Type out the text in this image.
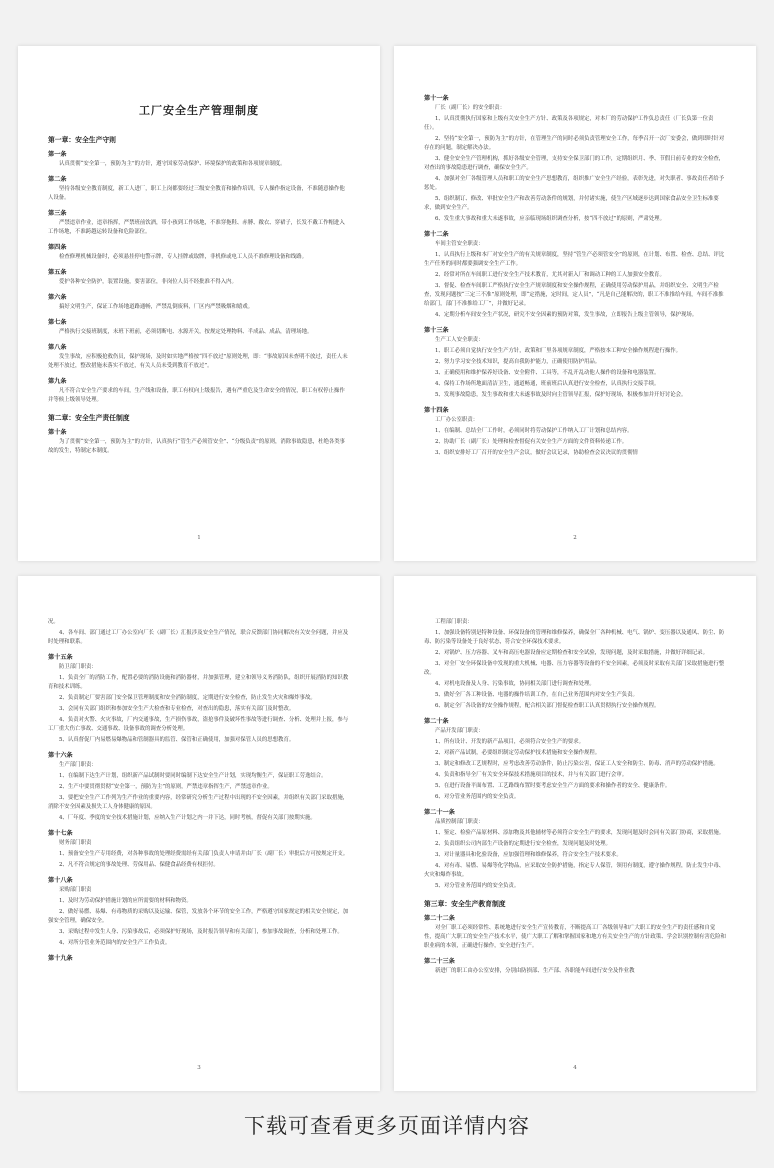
工厂安全生产管理制度
第一章：安全生产守则
第一条
认真贯彻“安全第一，预防为主”的方针，遵守国家劳动保护、环境保护的政策和各项规章制度。
第二条
坚持各级安全教育制度，新工人进厂，职工上岗都要经过三级安全教育和操作培训，专人操作指定设备，不准随意操作他人设备。
第三条
严禁违章作业，违章指挥，严禁班前饮酒，带小孩到工作场地，不准穿拖鞋、赤膊、敞衣、穿裙子，长发不戴工作帽进入工作场地，不准跨越运转设备和危险部位。
第四条
检查修理机械设备时，必须悬挂停电警示牌，专人挂牌或取牌，非机修或电工人员不准修理设备和线路。
第五条
爱护各种安全防护，装置设施，要害部位，非岗位人员不经批准不得入内。
第六条
搞好文明生产，保证工作场地道路通畅，严禁乱倒废料，厂区内严禁吸烟和嬉戏。
第七条
严格执行交接班制度，未班下班前，必须切断电、水源开关，按规定处理物料、半成品、成品，清理场地。
第八条
发生事故，应积极抢救伤员，保护现场，及时如实地严格按“四不放过”原则处理，即：“事故原因未查明不放过，责任人未处理不放过，整改措施未落实不放过，有关人员未受到教育不放过”。
第九条
凡不符合安全生产要求的车间，生产线和设备，职工有权向上级报告，遇有严重危及生命安全的情况，职工有权停止操作并等候上级领导处理。
第二章：安全生产责任制度
第十条
为了贯彻“安全第一，预防为主”的方针，认真执行“管生产必须管安全”、“分级负责”的原则，消除事故隐患，杜绝各类事故的发生，特制定本制度。
1
第十一条
厂长（副厂长）的安全职责：
1、认真贯彻执行国家和上级有关安全生产方针、政策及各项规定，对本厂的劳动保护工作负总责任（厂长负第一位责任）。
2、坚持“安全第一，预防为主”的方针，在管理生产的同时必须负责管理安全工作，每季召开一次厂安委会，做到即时针对存在的问题，制定解决办法。
3、健全安全生产管理机构，抓好各级安全管理，支持安全保卫部门的工作，定期组织月、季、节假日前专业的安全检查，对查出的事故隐患进行调查，确保安全生产。
4、加强对全厂各级管理人员和职工的安全生产思想教育，组织推广安全生产经验，表彰先进，对失职者、事故责任者给予惩处。
5、组织制订、修改、审批安全生产和改善劳动条件的规划，并付诸实施，使生产区域逐步达到国家食品安全卫生标准要求，做到安全生产。
6、发生重大事故和重大未遂事故，应亲临现场组织调查分析，按“四不放过”的原则，严肃处理。
第十二条
车间主管安全职责：
1、认真执行上级和本厂对安全生产的有关规章制度，坚持“管生产必须管安全”的原则，在计划、布置、检查、总结、评比生产任务的同时都要强调安全生产工作。
2、经常对所在车间职工进行安全生产技术教育，尤其对新入厂和调动工种的工人加强安全教育。
3、督促、检查车间职工严格执行安全生产规章制度和安全操作规程，正确使用劳动保护用品，并组织安全、文明生产检查，发现问题按“三定三不准”原则处理，即“定措施，定时间，定人员”，“凡是自己能解决的，职工不准推给车间，车间不准推给部门，部门不准推给工厂”，并做好记录。
4、定期分析车间安全生产状况，研究不安全因素的预防对策，发生事故，立即报告上级主管领导，保护现场。
第十三条
生产工人安全职责：
1、职工必须自觉执行安全生产方针，政策和厂里各项规章制度，严格按本工种安全操作规程进行操作。
2、努力学习安全技术知识，提高自我防护能力，正确使用防护用品。
3、正确使用和维护保养好设备、安全附件、工具等，不乱开乱动他人操作的设备和电器装置。
4、保持工作场所地面清洁卫生，通道畅通，班前班后认真进行安全检查，认真执行交接手续。
5、发现事故隐患，发生事故和重大未遂事故及时向主管领导汇报，保护好现场，积极参加并开好讨论会。
第十四条
工厂办公室职责：
1、在编制、总结全厂工作时，必须同时将劳动保护工作纳入工厂计划和总结内容。
2、协助厂长（副厂长）处理和检查督促有关安全生产方面的文件资料传递工作。
3、组织安排好工厂召开的安全生产会议，做好会议记录，协助检查会议决议的贯彻情
2
况。
4、各车间、部门通过工厂办公室向厂长（副厂长）汇报涉及安全生产情况，联合反馈部门协同解决有关安全问题，并应及时处理和联系。
第十五条
防卫部门职责：
1、负责全厂的消防工作，配置必要的消防设施和消防器材，并加强管理，建立和领导义务消防队，组织开展消防的知识教育和技术训练。
2、负责制定厂要害部门安全保卫管理制度和安全消防制度，定期进行安全检查，防止发生火灾和爆炸事故。
3、会同有关部门组织和参加安全生产大检查和专业检查，对查出的隐患，落实有关部门及时整改。
4、负责对火警、火灾事故，厂内交通事故，生产损伤事故，盗抢事件及破坏性事故等进行调查、分析、处理并上报，参与工厂重大伤亡事故、交通事故、设备事故的调查分析处理。
5、认真督促厂内易燃易爆物品和管制器具的监管、保管和正确使用，加强对保管人员的思想教育。
第十六条
生产部门职责：
1、在编制下达生产计划，组织新产品试制时要同时编制下达安全生产计划，实现均衡生产，保证职工劳逸结合。
2、生产中要贯彻贯彻“安全第一，预防为主”的原则，严禁违章指挥生产，严禁违章作业。
3、要把安全生产工作列为生产作业的重要内容，经常研究分析生产过程中出现的不安全因素，并组织有关部门采取措施，消除不安全因素及损失工人身体健康的原因。
4、厂年度、季度的安全技术措施计划，应纳入生产计划之内一并下达，同时考核，督促有关部门按期实施。
第十七条
财务部门职责
1、预备安全生产专用经费，对各种事故的处理经费需经有关部门负责人申请并由厂长（副厂长）审批后方可按规定开支。
2、凡不符合规定的事故处理、劳保用品、保健食品经费有权拒付。
第十八条
采购部门职责
1、及时为劳动保护措施计划的应所需要的材料和物资。
2、做好易燃、易爆、有毒物质的采购以及运输、保管，发放各个环节的安全工作，严格遵守国家规定的相关安全规定，加强安全管理，确保安全。
3、采购过程中发生人身、污染事故后，必须保护好现场，及时报告领导和有关部门，参加事故调查，分析和处理工作。
4、对所分管业务范围内的安全生产工作负责。
第十九条
3
工程部门职责：
1、加强设备特别是特种设备、环保设备的管理和维修保养，确保全厂各种机械、电气、锅炉、变压器以及通风、防尘、防毒、防污染等设备处于良好状态，符合安全环保技术要求。
2、对锅炉、压力容器、叉车和高压电器设备应定期检查和安全试验，发现问题，及时采取措施，并做好详细记录。
3、对全厂安全环保设备中发现的重大机械、电器、压力容器等设备的不安全因素，必须及时采取有关部门采取措施进行整改。
4、对机电设备及人身、污染事故，协同相关部门进行调查和处理。
5、做好全厂各工种设备、电器的操作培训工作，在自己业务范围内对安全生产负责。
6、制定全厂各设备的安全操作规程，配合相关部门督促检查职工认真贯彻执行安全操作规程。
第二十条
产品开发部门职责：
1、所有设计、开发的新产品项目，必须符合安全生产的要求。
2、对新产品试制，必要组织制定劳动保护技术措施和安全操作规程。
3、制定和修改工艺规程时，应考虑改善劳动条件，防止污染公害，保证工人安全和防尘、防毒、消声的劳动保护措施。
4、负责和指导全厂有关安全环保技术措施项目的技术，并与有关部门进行会审。
5、在进行设备平面布置、工艺路线布置时要考虑安全生产方面的要求和操作者的安全、健康条件。
6、对分管业务范围内的安全负责。
第二十一条
品质控制部门职责：
1、鉴定、检验产品原材料、添加物及其他辅材等必须符合安全生产的要求，发现问题及时会同有关部门协商，采取措施。
2、负责组织公司内部生产设备的定期进行安全检查，发现问题及时处理。
3、对计量器具和化验设备，应加强管理和维修保养，符合安全生产技术要求。
4、对有毒、易燃、易爆等化学物品，应采取安全防护措施，指定专人保管，领用有制度，遵守操作规程，防止发生中毒、火灾和爆炸事故。
5、对分管业务范围内的安全负责。
第三章：安全生产教育制度
第二十二条
对全厂职工必须经常性、系统地进行安全生产宣传教育，不断提高工厂各级领导和广大职工的安全生产的责任感和自觉性，提高广大职工的安全生产技术水平，使广大职工了解和掌握国家和地方有关安全生产的方针政策、学会识别控制有害危险和职业病的本领，正确进行操作，安全进行生产。
第二十三条
新进厂的职工由办公室安排，分别由防损部、生产部、各职能车间进行安全及作业教
4
下载可查看更多页面详情内容
